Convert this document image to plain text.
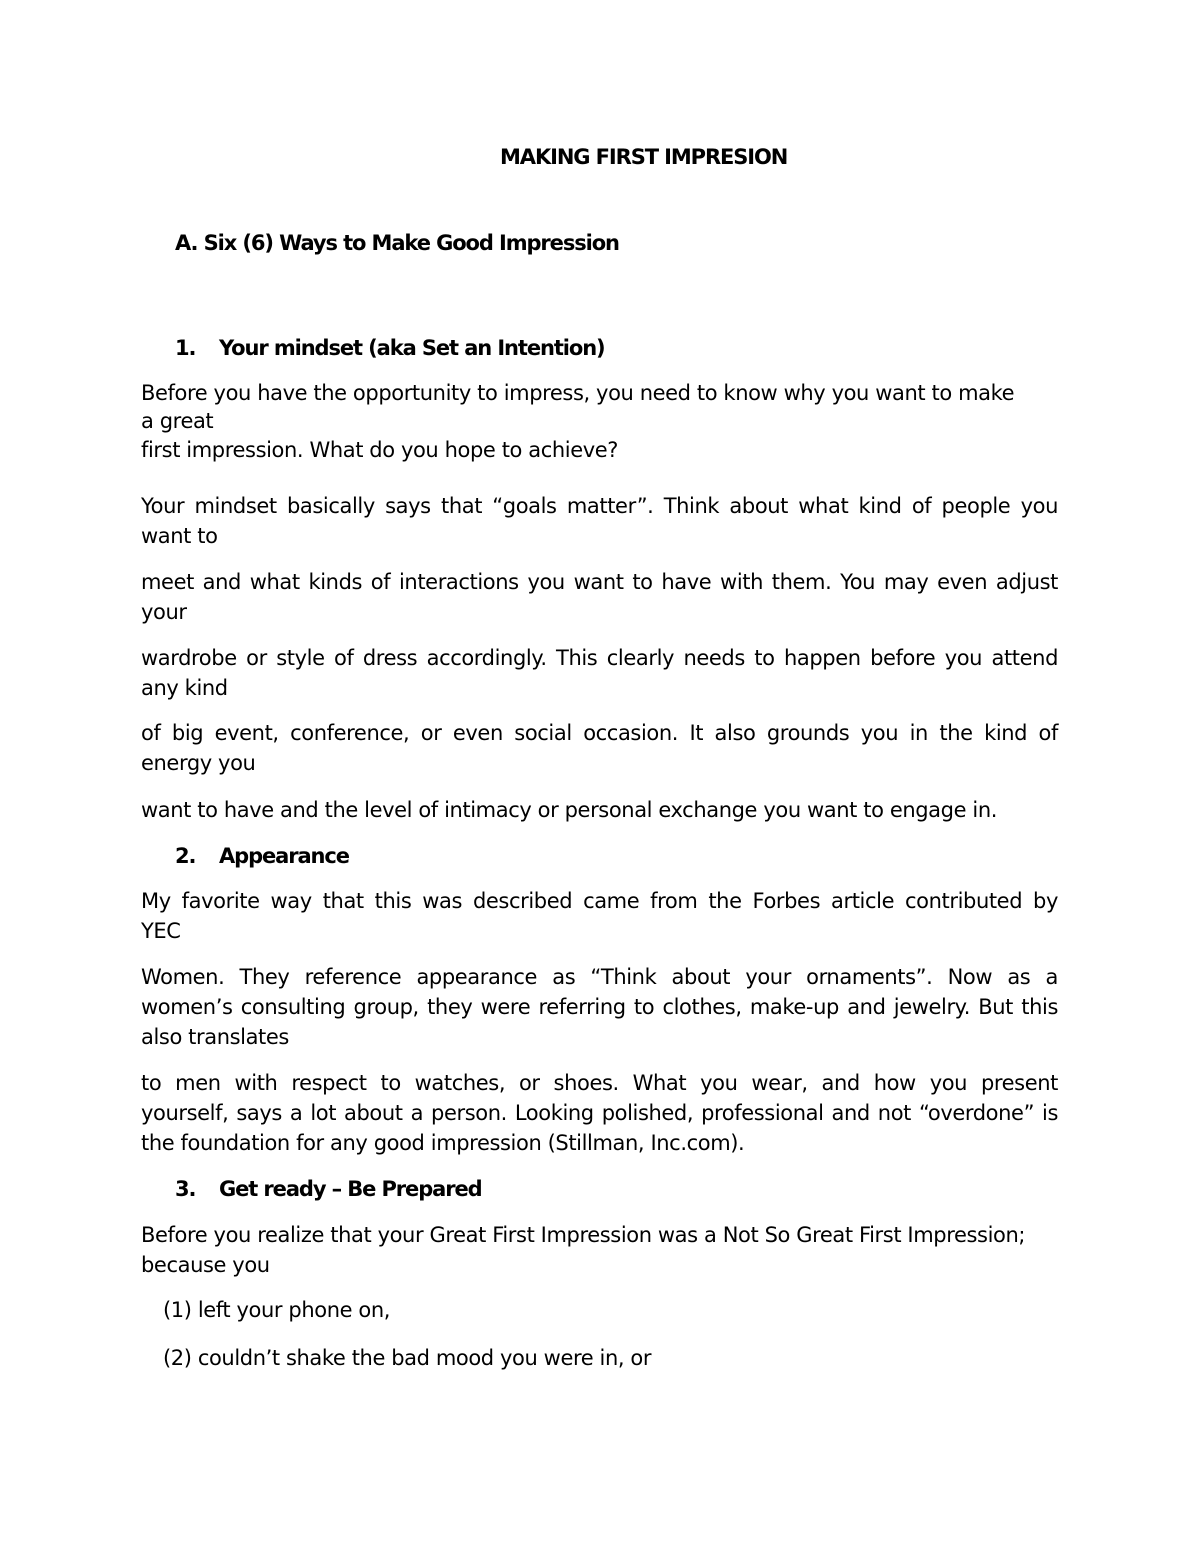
MAKING FIRST IMPRESION
A. Six (6) Ways to Make Good Impression
1. Your mindset (aka Set an Intention)
Before you have the opportunity to impress, you need to know why you want to make
a great
first impression. What do you hope to achieve?
Your mindset basically says that “goals matter”. Think about what kind of people you
want to
meet and what kinds of interactions you want to have with them. You may even adjust
your
wardrobe or style of dress accordingly. This clearly needs to happen before you attend
any kind
of big event, conference, or even social occasion. It also grounds you in the kind of
energy you
want to have and the level of intimacy or personal exchange you want to engage in.
2. Appearance
My favorite way that this was described came from the Forbes article contributed by
YEC
Women. They reference appearance as “Think about your ornaments”. Now as a
women’s consulting group, they were referring to clothes, make-up and jewelry. But this
also translates
to men with respect to watches, or shoes. What you wear, and how you present
yourself, says a lot about a person. Looking polished, professional and not “overdone” is
the foundation for any good impression (Stillman, Inc.com).
3. Get ready – Be Prepared
Before you realize that your Great First Impression was a Not So Great First Impression;
because you
(1) left your phone on,
(2) couldn’t shake the bad mood you were in, or
